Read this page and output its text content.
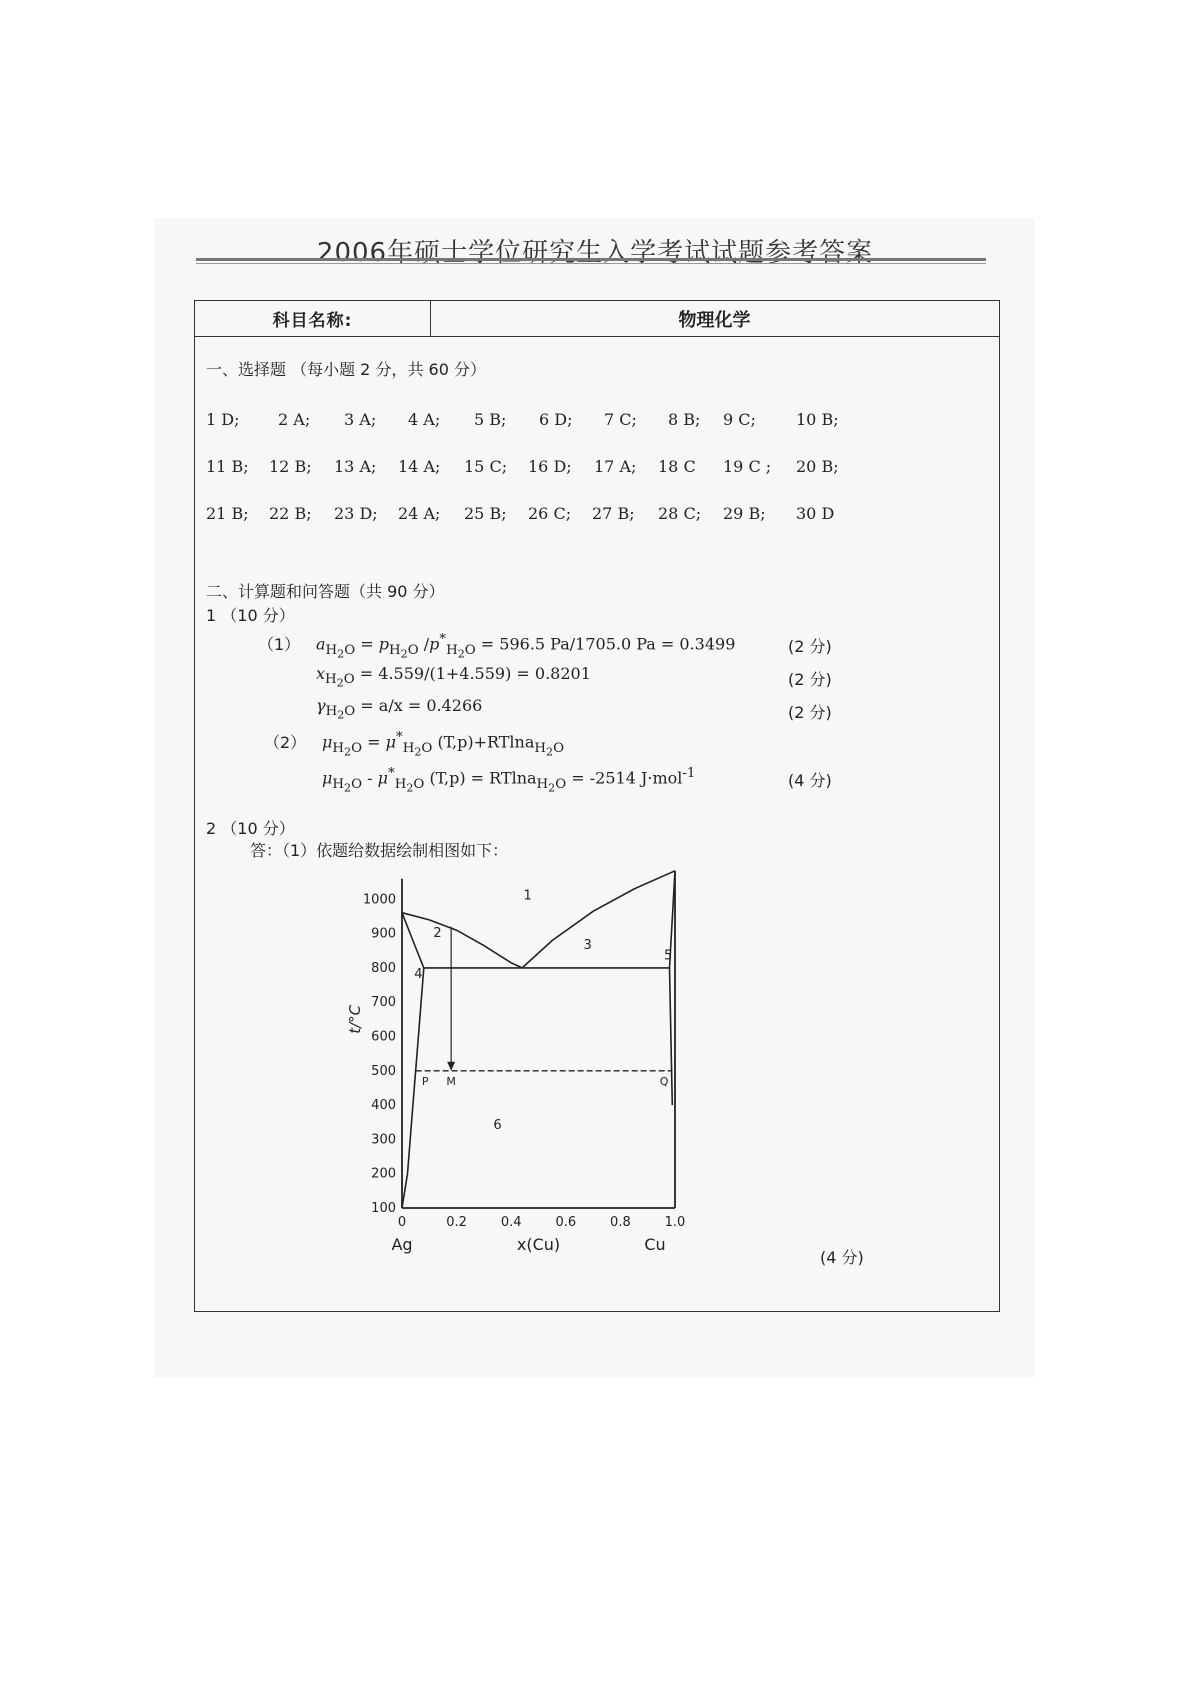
2006年硕士学位研究生入学考试试题参考答案
科目名称:	物理化学
一、选择题 （每小题 2 分，共 60 分）
1 D; 2 A; 3 A; 4 A; 5 B; 6 D; 7 C; 8 B; 9 C;	10 B;
11 B; 12 B; 13 A; 14 A; 15 C; 16 D; 17 A; 18 C 19 C ; 20 B;
21 B; 22 B; 23 D; 24 A; 25 B; 26 C; 27 B; 28 C; 29 B; 30 D
二、计算题和问答题（共 90 分）
1 （10 分）
（1） $a_{H_2O} = p_{H_2O}$ $/p^*_{H_2O} = 596.5$ Pa/1705.0 Pa = 0.3499	(2 分)
$x_{H_2O} = 4.559/(1+4.559) = 0.8201$	(2 分)
$\gamma_{H_2O} = a/x = 0.4266$	(2 分)
（2） $\mu_{H_2O} = \mu^*_{H_2O}$ (T,p)+RTlna$_{H_2O}$
$\mu_{H_2O} - \mu^*_{H_2O}$ (T,p) = RTlna$_{H_2O}$ = -2514 J·mol$^{-1}$	(4 分)
2 （10 分）
答：（1）依题给数据绘制相图如下：
1000
900
800
700
600
500
400
300
200
100
0	0.2	0.4	0.6	0.8	1.0
t/°C
Ag	x(Cu)	Cu
P M	Q
1
2
3
4
5
6
(4 分)
